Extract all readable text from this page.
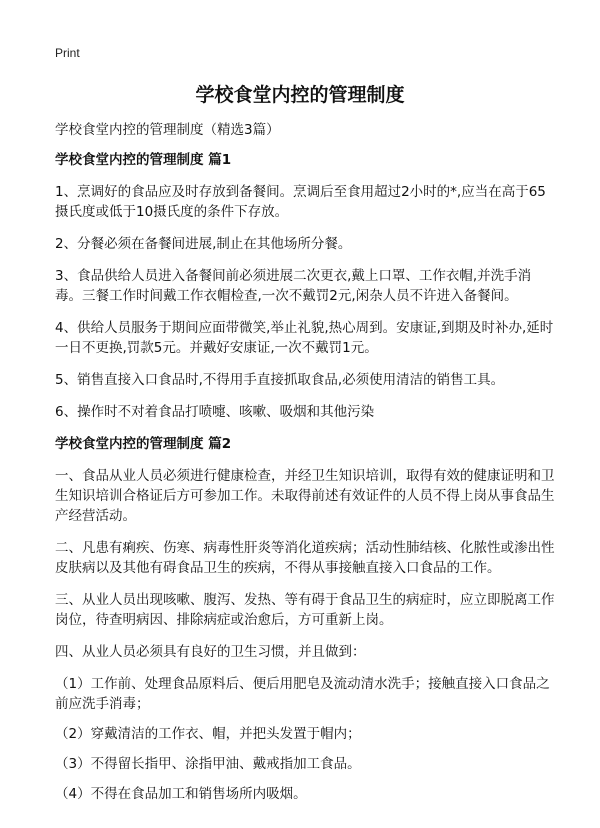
Print
学校食堂内控的管理制度

学校食堂内控的管理制度（精选3篇）

学校食堂内控的管理制度 篇1

1、烹调好的食品应及时存放到备餐间。烹调后至食用超过2小时的*,应当在高于65摄氏度或低于10摄氏度的条件下存放。

2、分餐必须在备餐间进展,制止在其他场所分餐。

3、食品供给人员进入备餐间前必须进展二次更衣,戴上口罩、工作衣帽,并洗手消毒。三餐工作时间戴工作衣帽检查,一次不戴罚2元,闲杂人员不许进入备餐间。

4、供给人员服务于期间应面带微笑,举止礼貌,热心周到。安康证,到期及时补办,延时一日不更换,罚款5元。并戴好安康证,一次不戴罚1元。

5、销售直接入口食品时,不得用手直接抓取食品,必须使用清洁的销售工具。

6、操作时不对着食品打喷嚏、咳嗽、吸烟和其他污染

学校食堂内控的管理制度 篇2

一、食品从业人员必须进行健康检查，并经卫生知识培训，取得有效的健康证明和卫生知识培训合格证后方可参加工作。未取得前述有效证件的人员不得上岗从事食品生产经营活动。

二、凡患有痢疾、伤寒、病毒性肝炎等消化道疾病；活动性肺结核、化脓性或渗出性皮肤病以及其他有碍食品卫生的疾病，不得从事接触直接入口食品的工作。

三、从业人员出现咳嗽、腹泻、发热、等有碍于食品卫生的病症时，应立即脱离工作岗位，待查明病因、排除病症或治愈后，方可重新上岗。

四、从业人员必须具有良好的卫生习惯，并且做到：

（1）工作前、处理食品原料后、便后用肥皂及流动清水洗手；接触直接入口食品之前应洗手消毒；

（2）穿戴清洁的工作衣、帽，并把头发置于帽内；

（3）不得留长指甲、涂指甲油、戴戒指加工食品。

（4）不得在食品加工和销售场所内吸烟。
